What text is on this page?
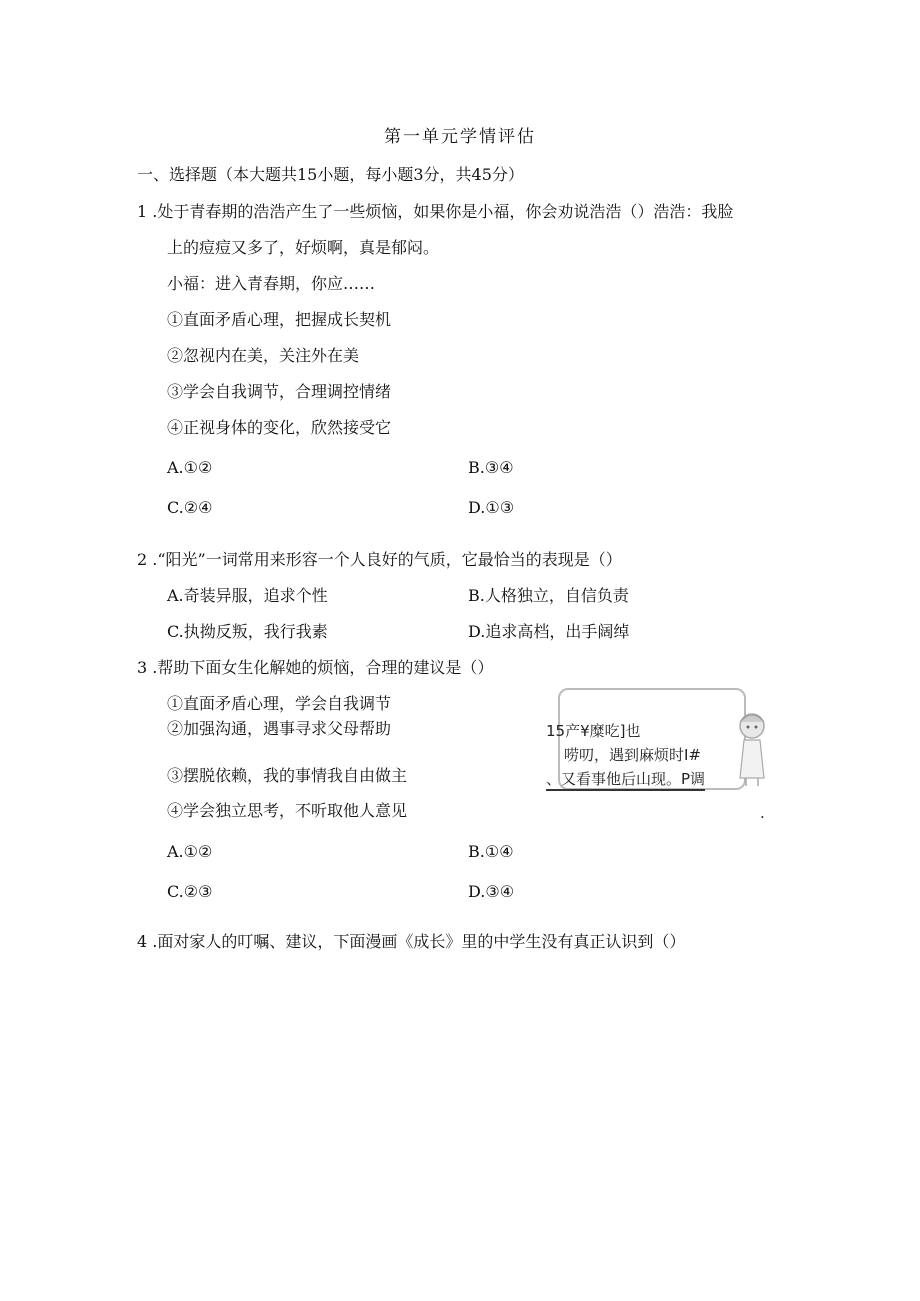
第一单元学情评估
一、选择题（本大题共15小题，每小题3分，共45分）
1 .处于青春期的浩浩产生了一些烦恼，如果你是小福，你会劝说浩浩（）浩浩：我脸
上的痘痘又多了，好烦啊，真是郁闷。
小福：进入青春期，你应……
①直面矛盾心理，把握成长契机
②忽视内在美，关注外在美
③学会自我调节，合理调控情绪
④正视身体的变化，欣然接受它
A.①②	B.③④
C.②④	D.①③
2 .“阳光”一词常用来形容一个人良好的气质，它最恰当的表现是（）
A.奇装异服，追求个性	B.人格独立，自信负责
C.执拗反叛，我行我素	D.追求高档，出手阔绰
3 .帮助下面女生化解她的烦恼，合理的建议是（）
①直面矛盾心理，学会自我调节
②加强沟通，遇事寻求父母帮助
③摆脱依赖，我的事情我自由做主
④学会独立思考，不听取他人意见
15产¥糜吃]也
唠叨，遇到麻烦时I#
、又看事他后山现。P调
.
A.①②	B.①④
C.②③	D.③④
4 .面对家人的叮嘱、建议，下面漫画《成长》里的中学生没有真正认识到（）
